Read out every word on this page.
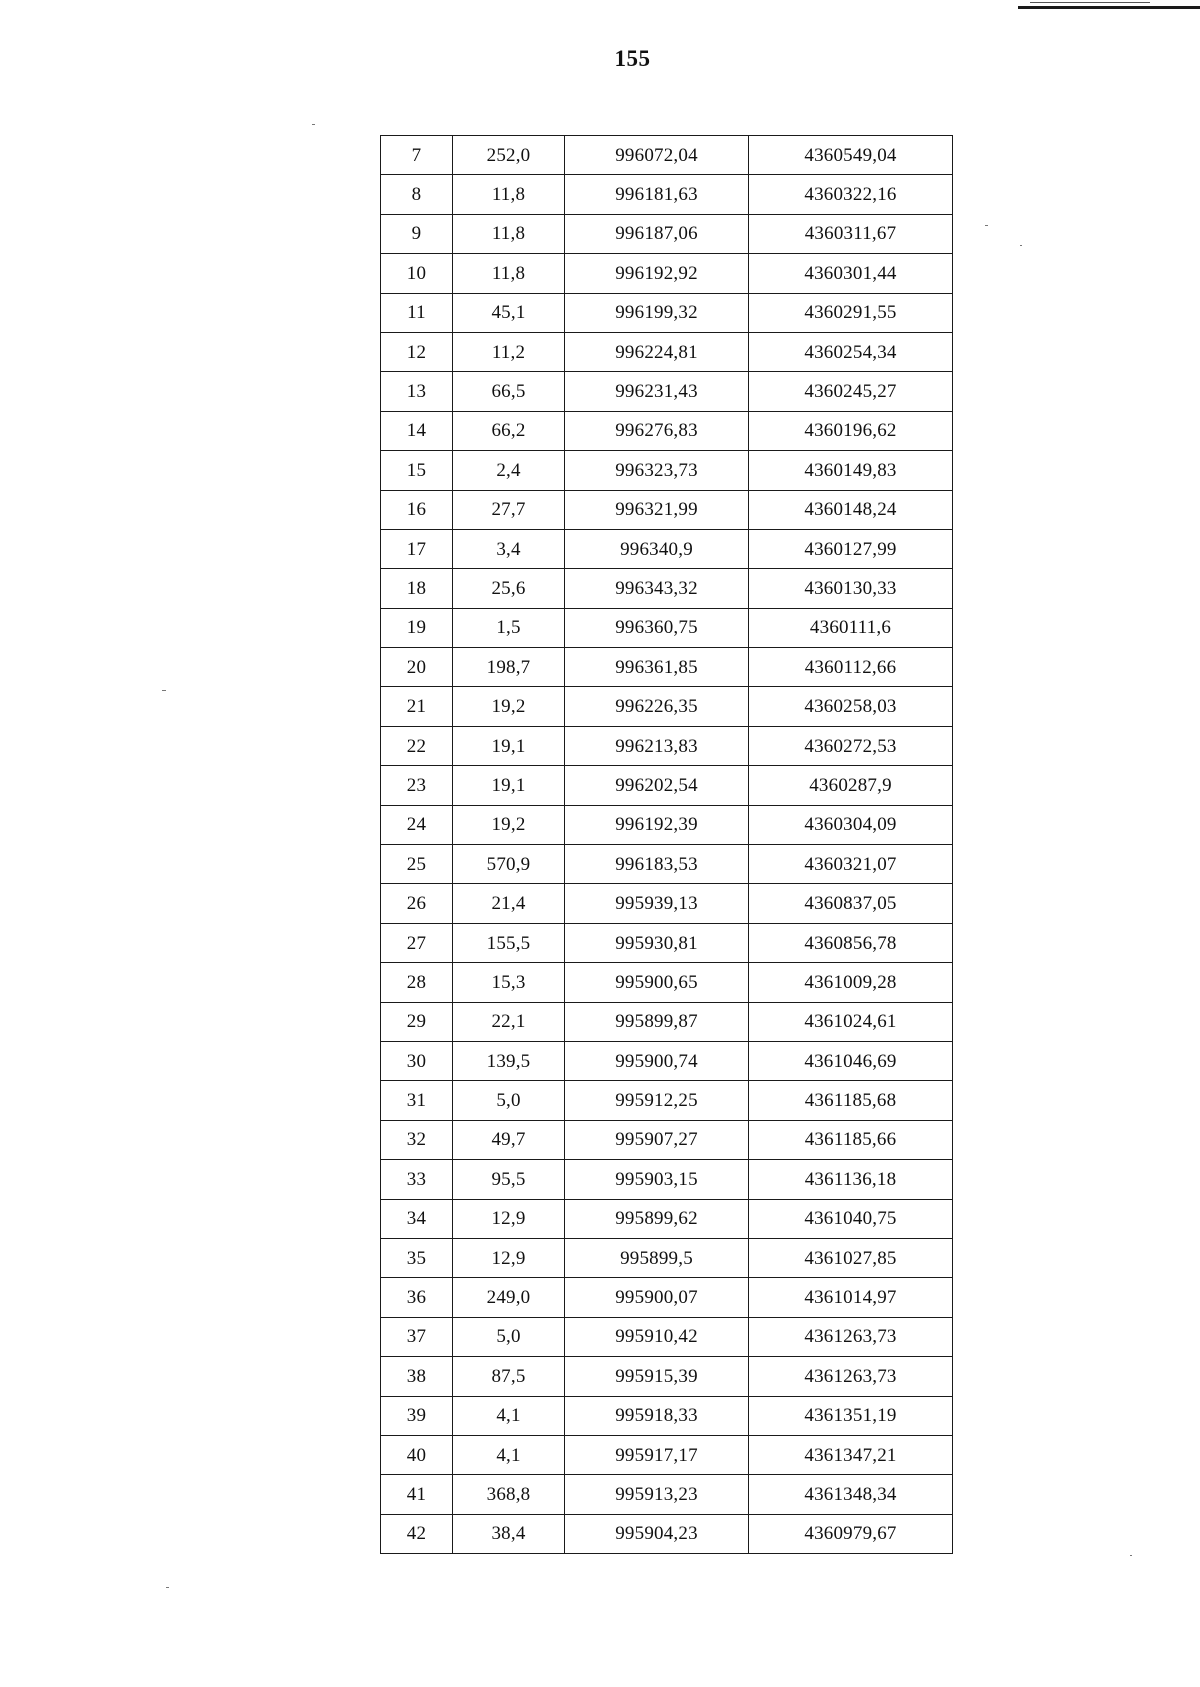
155
7	252,0	996072,04	4360549,04
8	11,8	996181,63	4360322,16
9	11,8	996187,06	4360311,67
10	11,8	996192,92	4360301,44
11	45,1	996199,32	4360291,55
12	11,2	996224,81	4360254,34
13	66,5	996231,43	4360245,27
14	66,2	996276,83	4360196,62
15	2,4	996323,73	4360149,83
16	27,7	996321,99	4360148,24
17	3,4	996340,9	4360127,99
18	25,6	996343,32	4360130,33
19	1,5	996360,75	4360111,6
20	198,7	996361,85	4360112,66
21	19,2	996226,35	4360258,03
22	19,1	996213,83	4360272,53
23	19,1	996202,54	4360287,9
24	19,2	996192,39	4360304,09
25	570,9	996183,53	4360321,07
26	21,4	995939,13	4360837,05
27	155,5	995930,81	4360856,78
28	15,3	995900,65	4361009,28
29	22,1	995899,87	4361024,61
30	139,5	995900,74	4361046,69
31	5,0	995912,25	4361185,68
32	49,7	995907,27	4361185,66
33	95,5	995903,15	4361136,18
34	12,9	995899,62	4361040,75
35	12,9	995899,5	4361027,85
36	249,0	995900,07	4361014,97
37	5,0	995910,42	4361263,73
38	87,5	995915,39	4361263,73
39	4,1	995918,33	4361351,19
40	4,1	995917,17	4361347,21
41	368,8	995913,23	4361348,34
42	38,4	995904,23	4360979,67
